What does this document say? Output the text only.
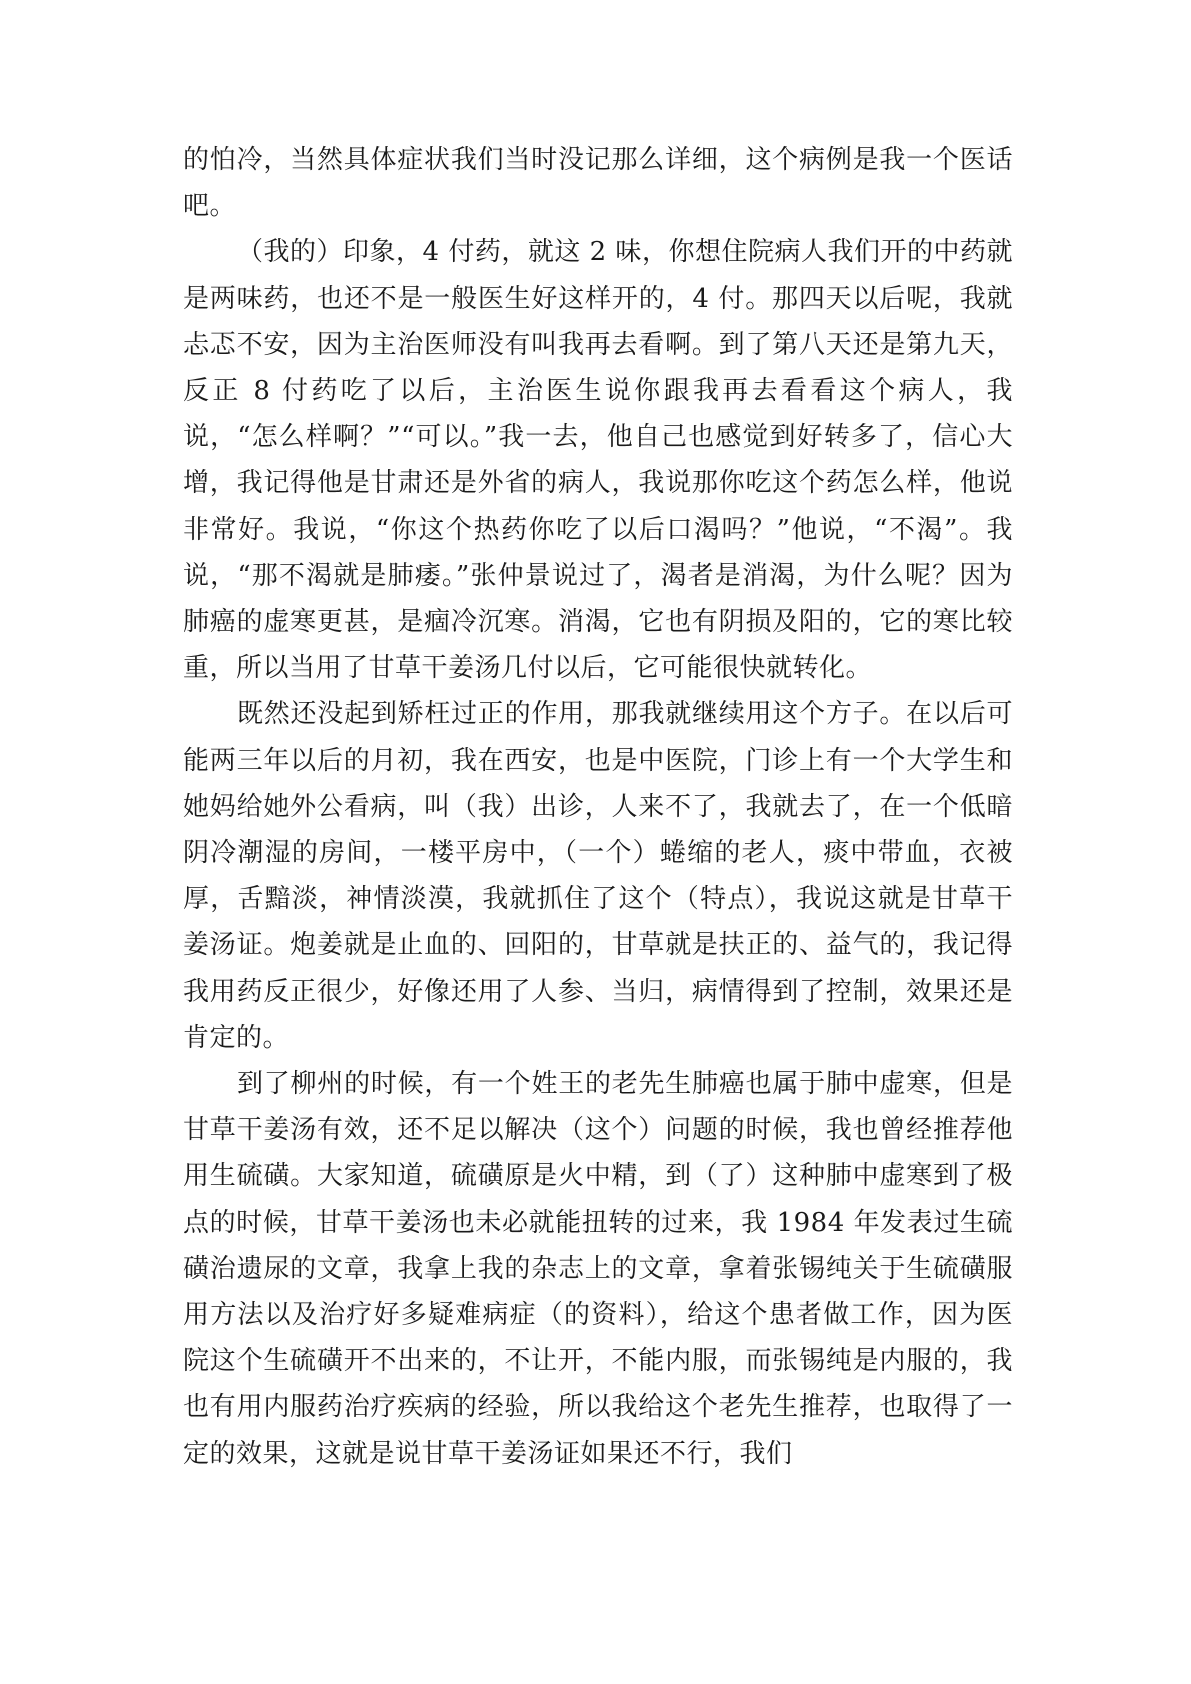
的怕冷，当然具体症状我们当时没记那么详细，这个病例是我一个医话吧。

（我的）印象，4 付药，就这 2 味，你想住院病人我们开的中药就是两味药，也还不是一般医生好这样开的，4 付。那四天以后呢，我就忐忑不安，因为主治医师没有叫我再去看啊。到了第八天还是第九天，反正 8 付药吃了以后，主治医生说你跟我再去看看这个病人，我说，“怎么样啊？”“可以。”我一去，他自己也感觉到好转多了，信心大增，我记得他是甘肃还是外省的病人，我说那你吃这个药怎么样，他说非常好。我说，“你这个热药你吃了以后口渴吗？”他说，“不渴”。我说，“那不渴就是肺痿。”张仲景说过了，渴者是消渴，为什么呢？因为肺癌的虚寒更甚，是痼冷沉寒。消渴，它也有阴损及阳的，它的寒比较重，所以当用了甘草干姜汤几付以后，它可能很快就转化。

既然还没起到矫枉过正的作用，那我就继续用这个方子。在以后可能两三年以后的月初，我在西安，也是中医院，门诊上有一个大学生和她妈给她外公看病，叫（我）出诊，人来不了，我就去了，在一个低暗阴冷潮湿的房间，一楼平房中，（一个）蜷缩的老人，痰中带血，衣被厚，舌黯淡，神情淡漠，我就抓住了这个（特点），我说这就是甘草干姜汤证。炮姜就是止血的、回阳的，甘草就是扶正的、益气的，我记得我用药反正很少，好像还用了人参、当归，病情得到了控制，效果还是肯定的。

到了柳州的时候，有一个姓王的老先生肺癌也属于肺中虚寒，但是甘草干姜汤有效，还不足以解决（这个）问题的时候，我也曾经推荐他用生硫磺。大家知道，硫磺原是火中精，到（了）这种肺中虚寒到了极点的时候，甘草干姜汤也未必就能扭转的过来，我 1984 年发表过生硫磺治遗尿的文章，我拿上我的杂志上的文章，拿着张锡纯关于生硫磺服用方法以及治疗好多疑难病症（的资料），给这个患者做工作，因为医院这个生硫磺开不出来的，不让开，不能内服，而张锡纯是内服的，我也有用内服药治疗疾病的经验，所以我给这个老先生推荐，也取得了一定的效果，这就是说甘草干姜汤证如果还不行，我们
